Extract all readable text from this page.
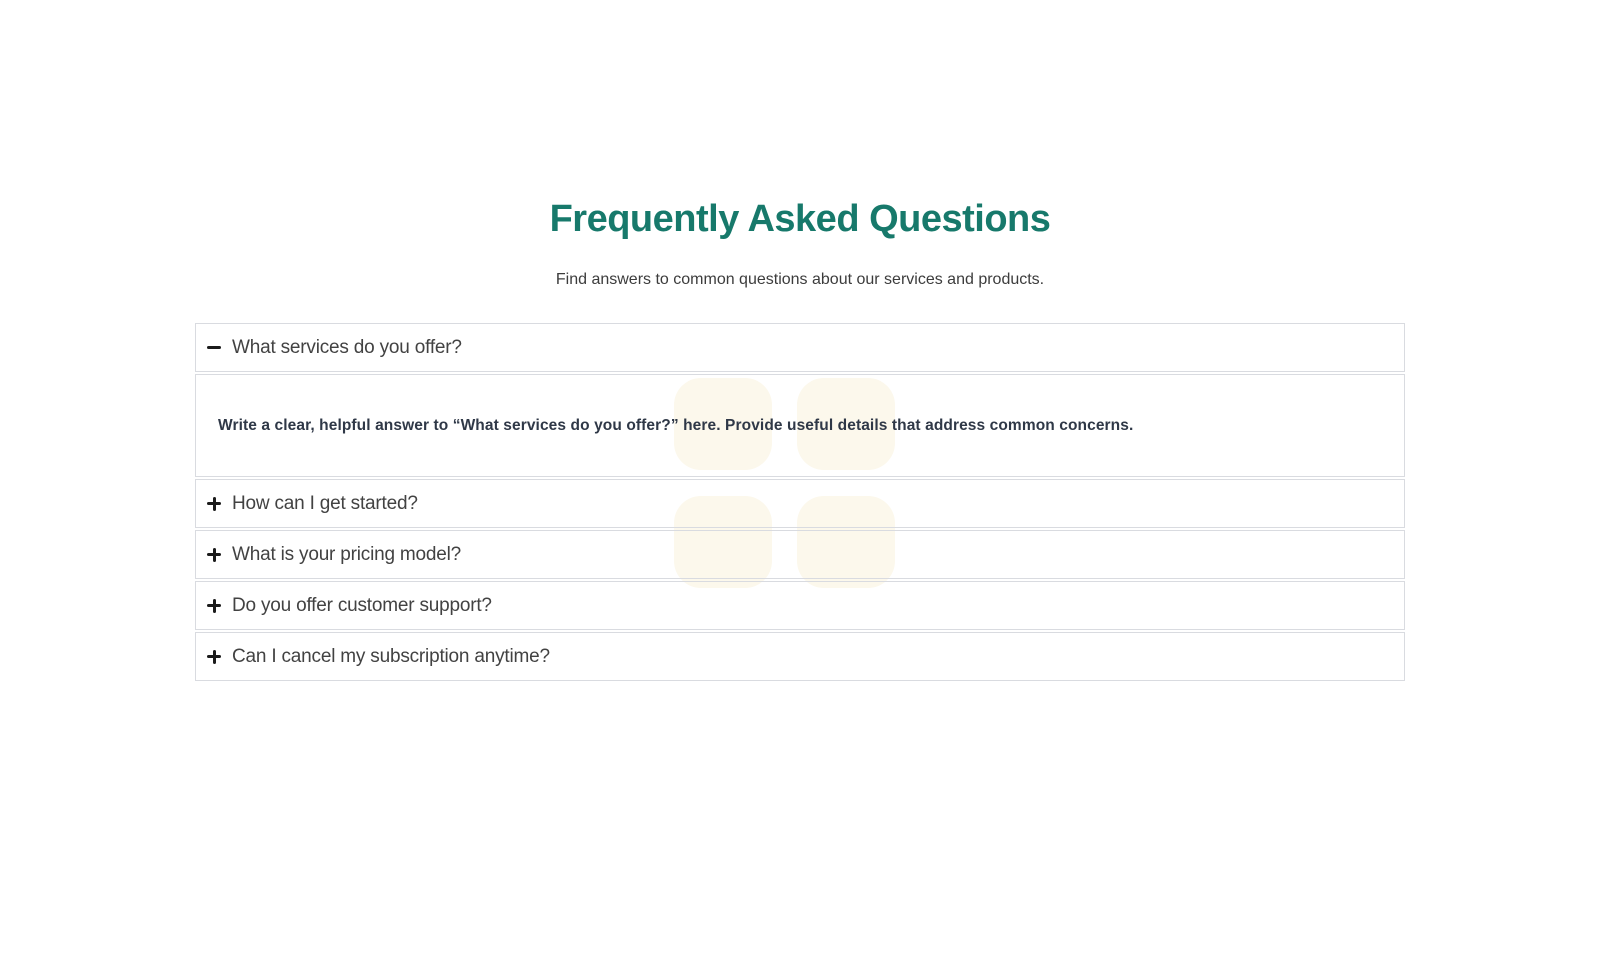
Frequently Asked Questions

Find answers to common questions about our services and products.

What services do you offer?

Write a clear, helpful answer to “What services do you offer?” here. Provide useful details that address common concerns.

How can I get started?
What is your pricing model?
Do you offer customer support?
Can I cancel my subscription anytime?
